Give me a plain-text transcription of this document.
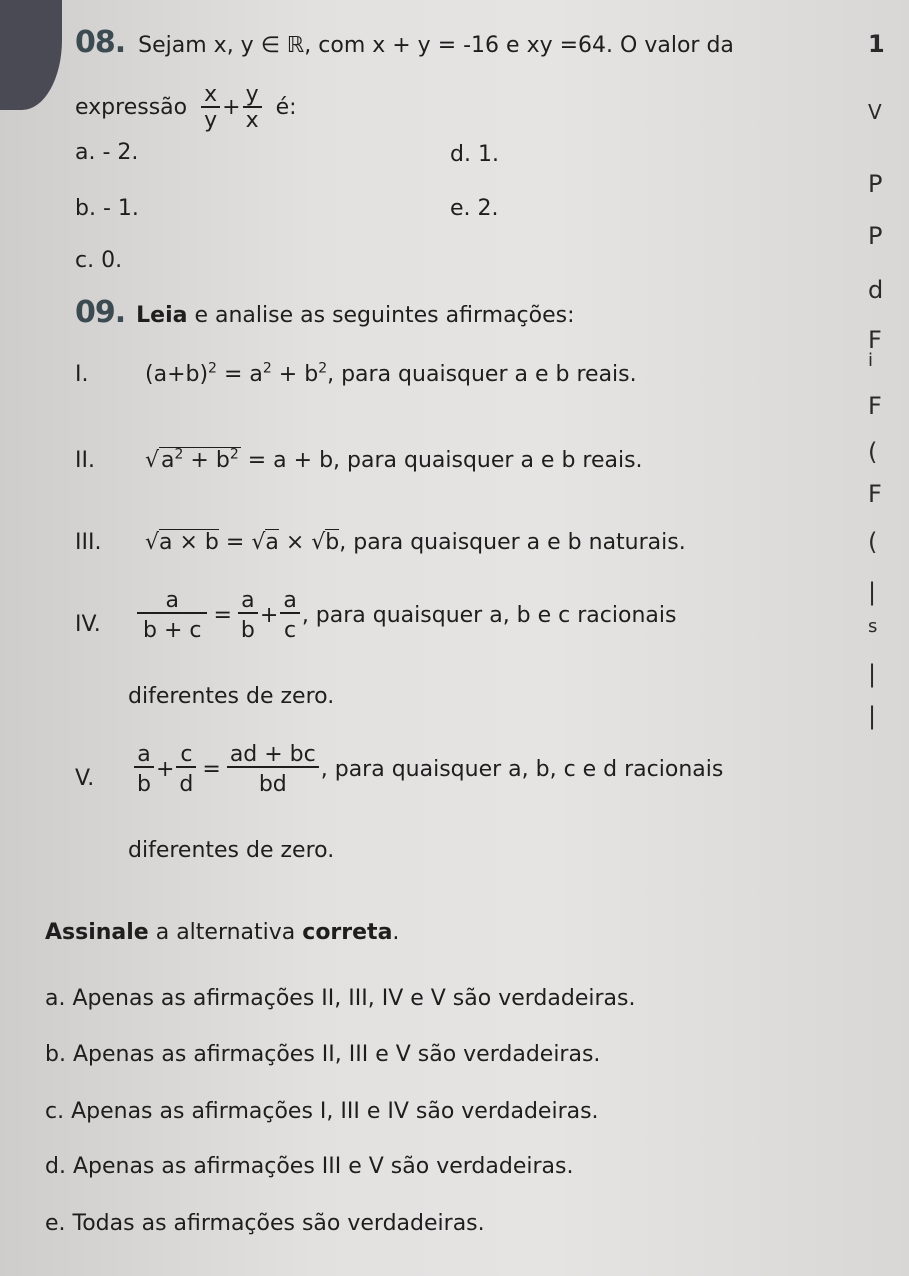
08. Sejam x, y ∈ ℝ, com x + y = -16 e xy =64. O valor da
expressão $\frac{x}{y} + \frac{y}{x}$ é:
a. - 2.
b. - 1.
c. 0.
d. 1.
e. 2.
09. Leia e analise as seguintes afirmações:
I.	$(a+b)^2 = a^2 + b^2$, para quaisquer a e b reais.
II. $√a^2 + b^2 = a + b$, para quaisquer a e b reais.
III. √a × b = √a × √b, para quaisquer a e b naturais.
IV. $\frac{a}{b + c} = \frac{a}{b} + \frac{a}{c}$ , para quaisquer a, b e c racionais
diferentes de zero.
V. $\frac{a}{b} + \frac{c}{d} = \frac{ad + bc}{bd}$ , para quaisquer a, b, c e d racionais
diferentes de zero.
Assinale a alternativa correta.
a. Apenas as afirmações II, III, IV e V são verdadeiras.
b. Apenas as afirmações II, III e V são verdadeiras.
c. Apenas as afirmações I, III e IV são verdadeiras.
d. Apenas as afirmações III e V são verdadeiras.
e. Todas as afirmações são verdadeiras.
1
V
P
P
d
F
i
F
(
F
(
|
s
|
|
